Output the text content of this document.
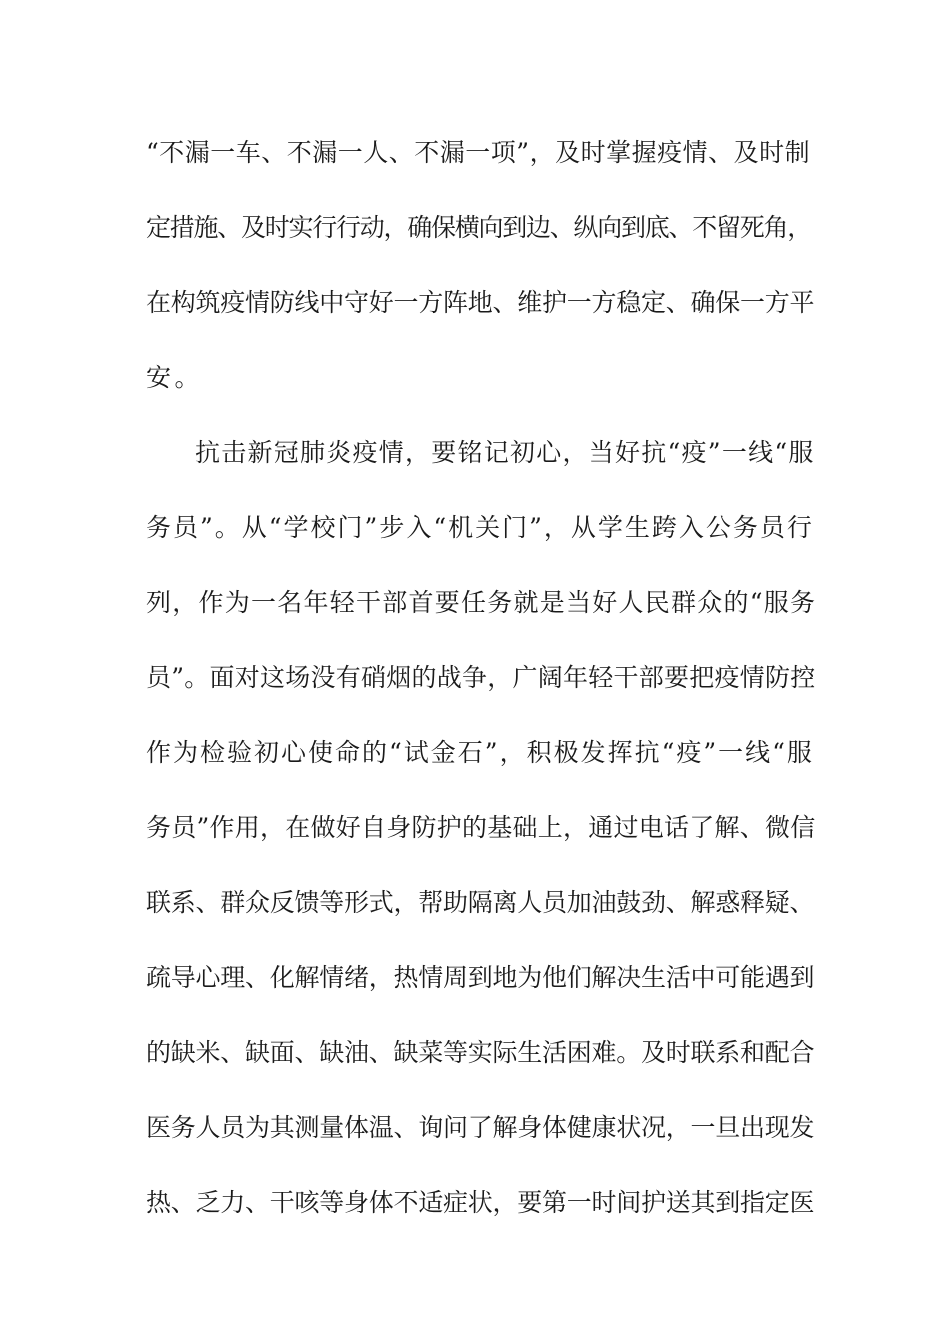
“不漏一车、不漏一人、不漏一项”，及时掌握疫情、及时制
定措施、及时实行行动，确保横向到边、纵向到底、不留死角，
在构筑疫情防线中守好一方阵地、维护一方稳定、确保一方平
安。
抗击新冠肺炎疫情，要铭记初心，当好抗“疫”一线“服
务员”。从“学校门”步入“机关门”，从学生跨入公务员行
列，作为一名年轻干部首要任务就是当好人民群众的“服务
员”。面对这场没有硝烟的战争，广阔年轻干部要把疫情防控
作为检验初心使命的“试金石”，积极发挥抗“疫”一线“服
务员”作用，在做好自身防护的基础上，通过电话了解、微信
联系、群众反馈等形式，帮助隔离人员加油鼓劲、解惑释疑、
疏导心理、化解情绪，热情周到地为他们解决生活中可能遇到
的缺米、缺面、缺油、缺菜等实际生活困难。及时联系和配合
医务人员为其测量体温、询问了解身体健康状况，一旦出现发
热、乏力、干咳等身体不适症状，要第一时间护送其到指定医
